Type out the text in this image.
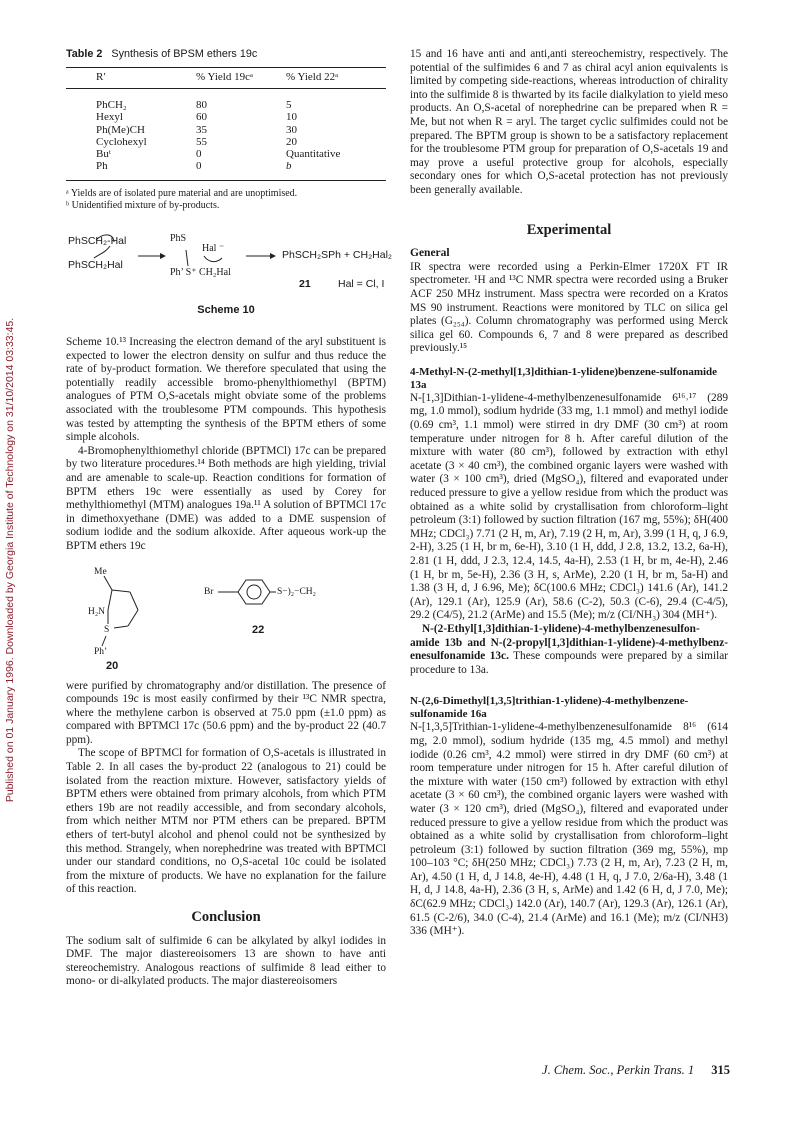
Published on 01 January 1996. Downloaded by Georgia Institute of Technology on 31/10/2014 03:33:45.
Table 2 Synthesis of BPSM ethers 19c
R′	% Yield 19cᵃ	% Yield 22ᵃ

PhCH₂	80	5
Hexyl	60	10
Ph(Me)CH	35	30
Cyclohexyl	55	20
Buᵗ	0	Quantitative
Ph	0	b

ᵃ Yields are of isolated pure material and are unoptimised.

ᵇ Unidentified mixture of by-products.

PhSCH₂-Hal
PhSCH₂Hal
PhS
Hal ⁻
Ph’ S⁺ CH₂Hal
PhSCH₂SPh + CH₂Hal₂
21	Hal = Cl, I
Scheme 10

Scheme 10.¹³ Increasing the electron demand of the aryl substituent is expected to lower the electron density on sulfur and thus reduce the rate of by-product formation. We therefore speculated that using the potentially readily accessible bromo-phenylthiomethyl (BPTM) analogues of PTM O,S-acetals might obviate some of the problems associated with the troublesome PTM compounds. This hypothesis was tested by attempting the synthesis of the BPTM ethers of some simple alcohols.

4-Bromophenylthiomethyl chloride (BPTMCl) 17c can be prepared by two literature procedures.¹⁴ Both methods are high yielding, trivial and are amenable to scale-up. Reaction conditions for formation of BPTM ethers 19c were essentially as used by Corey for methylthiomethyl (MTM) analogues 19a.¹¹ A solution of BPTMCl 17c in dimethoxyethane (DME) was added to a DME suspension of sodium iodide and the sodium alkoxide. After aqueous work-up the BPTM ethers 19c

Me
H₂N
S
Ph’
20
Br	S−)₂−CH₂
22

were purified by chromatography and/or distillation. The presence of compounds 19c is most easily confirmed by their ¹³C NMR spectra, where the methylene carbon is observed at 75.0 ppm (±1.0 ppm) as compared with BPTMCl 17c (50.6 ppm) and the by-product 22 (40.7 ppm).

The scope of BPTMCl for formation of O,S-acetals is illustrated in Table 2. In all cases the by-product 22 (analogous to 21) could be isolated from the reaction mixture. However, satisfactory yields of BPTM ethers were obtained from primary alcohols, from which PTM ethers 19b are not readily accessible, and from secondary alcohols, from which neither MTM nor PTM ethers can be prepared. BPTM ethers of tert-butyl alcohol and phenol could not be synthesized by this method. Strangely, when norephedrine was treated with BPTMCl under our standard conditions, no O,S-acetal 10c could be isolated from the mixture of products. We have no explanation for the failure of this reaction.

Conclusion

The sodium salt of sulfimide 6 can be alkylated by alkyl iodides in DMF. The major diastereoisomers 13 are shown to have anti stereochemistry. Analogous reactions of sulfimide 8 lead either to mono- or di-alkylated products. The major diastereoisomers

15 and 16 have anti and anti,anti stereochemistry, respectively. The potential of the sulfimides 6 and 7 as chiral acyl anion equivalents is limited by competing side-reactions, whereas introduction of chirality into the sulfimide 8 is thwarted by its facile dialkylation to yield meso products. An O,S-acetal of norephedrine can be prepared when R = Me, but not when R = aryl. The target cyclic sulfimides could not be prepared. The BPTM group is shown to be a satisfactory replacement for the troublesome PTM group for preparation of O,S-acetals 19 and may prove a useful protective group for alcohols, especially secondary ones for which O,S-acetal protection has not previously been generally available.

Experimental
General

IR spectra were recorded using a Perkin-Elmer 1720X FT IR spectrometer. ¹H and ¹³C NMR spectra were recorded using a Bruker ACF 250 MHz instrument. Mass spectra were recorded on a Kratos MS 90 instrument. Reactions were monitored by TLC on silica gel plates (G₂₅₄). Column chromatography was performed using Merck silica gel 60. Compounds 6, 7 and 8 were prepared as described previously.¹⁵

4-Methyl-N-(2-methyl[1,3]dithian-1-ylidene)benzene-sulfonamide 13a

N-[1,3]Dithian-1-ylidene-4-methylbenzenesulfonamide 6¹⁶˒¹⁷ (289 mg, 1.0 mmol), sodium hydride (33 mg, 1.1 mmol) and methyl iodide (0.69 cm³, 1.1 mmol) were stirred in dry DMF (30 cm³) at room temperature under nitrogen for 8 h. After careful dilution of the mixture with water (80 cm³), followed by extraction with ethyl acetate (3 × 40 cm³), the combined organic layers were washed with water (3 × 100 cm³), dried (MgSO₄), filtered and evaporated under reduced pressure to give a yellow residue from which the product was obtained as a white solid by crystallisation from chloroform–light petroleum (3:1) followed by suction filtration (167 mg, 55%); δH(400 MHz; CDCl₃) 7.71 (2 H, m, Ar), 7.19 (2 H, m, Ar), 3.99 (1 H, q, J 6.9, 2-H), 3.25 (1 H, br m, 6e-H), 3.10 (1 H, ddd, J 2.8, 13.2, 13.2, 6a-H), 2.81 (1 H, ddd, J 2.3, 12.4, 14.5, 4a-H), 2.53 (1 H, br m, 4e-H), 2.46 (1 H, br m, 5e-H), 2.36 (3 H, s, ArMe), 2.20 (1 H, br m, 5a-H) and 1.38 (3 H, d, J 6.96, Me); δC(100.6 MHz; CDCl₃) 141.6 (Ar), 141.2 (Ar), 129.1 (Ar), 125.9 (Ar), 58.6 (C-2), 50.3 (C-6), 29.4 (C-4/5), 29.2 (C4/5), 21.2 (ArMe) and 15.5 (Me); m/z (CI/NH₃) 304 (MH⁺).

N-(2-Ethyl[1,3]dithian-1-ylidene)-4-methylbenzenesulfon-amide 13b and N-(2-propyl[1,3]dithian-1-ylidene)-4-methylbenz-enesulfonamide 13c. These compounds were prepared by a similar procedure to 13a.

N-(2,6-Dimethyl[1,3,5]trithian-1-ylidene)-4-methylbenzene-sulfonamide 16a

N-[1,3,5]Trithian-1-ylidene-4-methylbenzenesulfonamide 8¹⁶ (614 mg, 2.0 mmol), sodium hydride (135 mg, 4.5 mmol) and methyl iodide (0.26 cm³, 4.2 mmol) were stirred in dry DMF (60 cm³) at room temperature under nitrogen for 15 h. After careful dilution of the mixture with water (150 cm³) followed by extraction with ethyl acetate (3 × 60 cm³), the combined organic layers were washed with water (3 × 120 cm³), dried (MgSO₄), filtered and evaporated under reduced pressure to give a yellow residue from which the product was obtained as a white solid by crystallisation from chloroform–light petroleum (3:1) followed by suction filtration (369 mg, 55%), mp 100–103 °C; δH(250 MHz; CDCl₃) 7.73 (2 H, m, Ar), 7.23 (2 H, m, Ar), 4.50 (1 H, d, J 14.8, 4e-H), 4.48 (1 H, q, J 7.0, 2/6a-H), 3.48 (1 H, d, J 14.8, 4a-H), 2.36 (3 H, s, ArMe) and 1.42 (6 H, d, J 7.0, Me); δC(62.9 MHz; CDCl₃) 142.0 (Ar), 140.7 (Ar), 129.3 (Ar), 126.1 (Ar), 61.5 (C-2/6), 34.0 (C-4), 21.4 (ArMe) and 16.1 (Me); m/z (CI/NH3) 336 (MH⁺).

J. Chem. Soc., Perkin Trans. 1 315
